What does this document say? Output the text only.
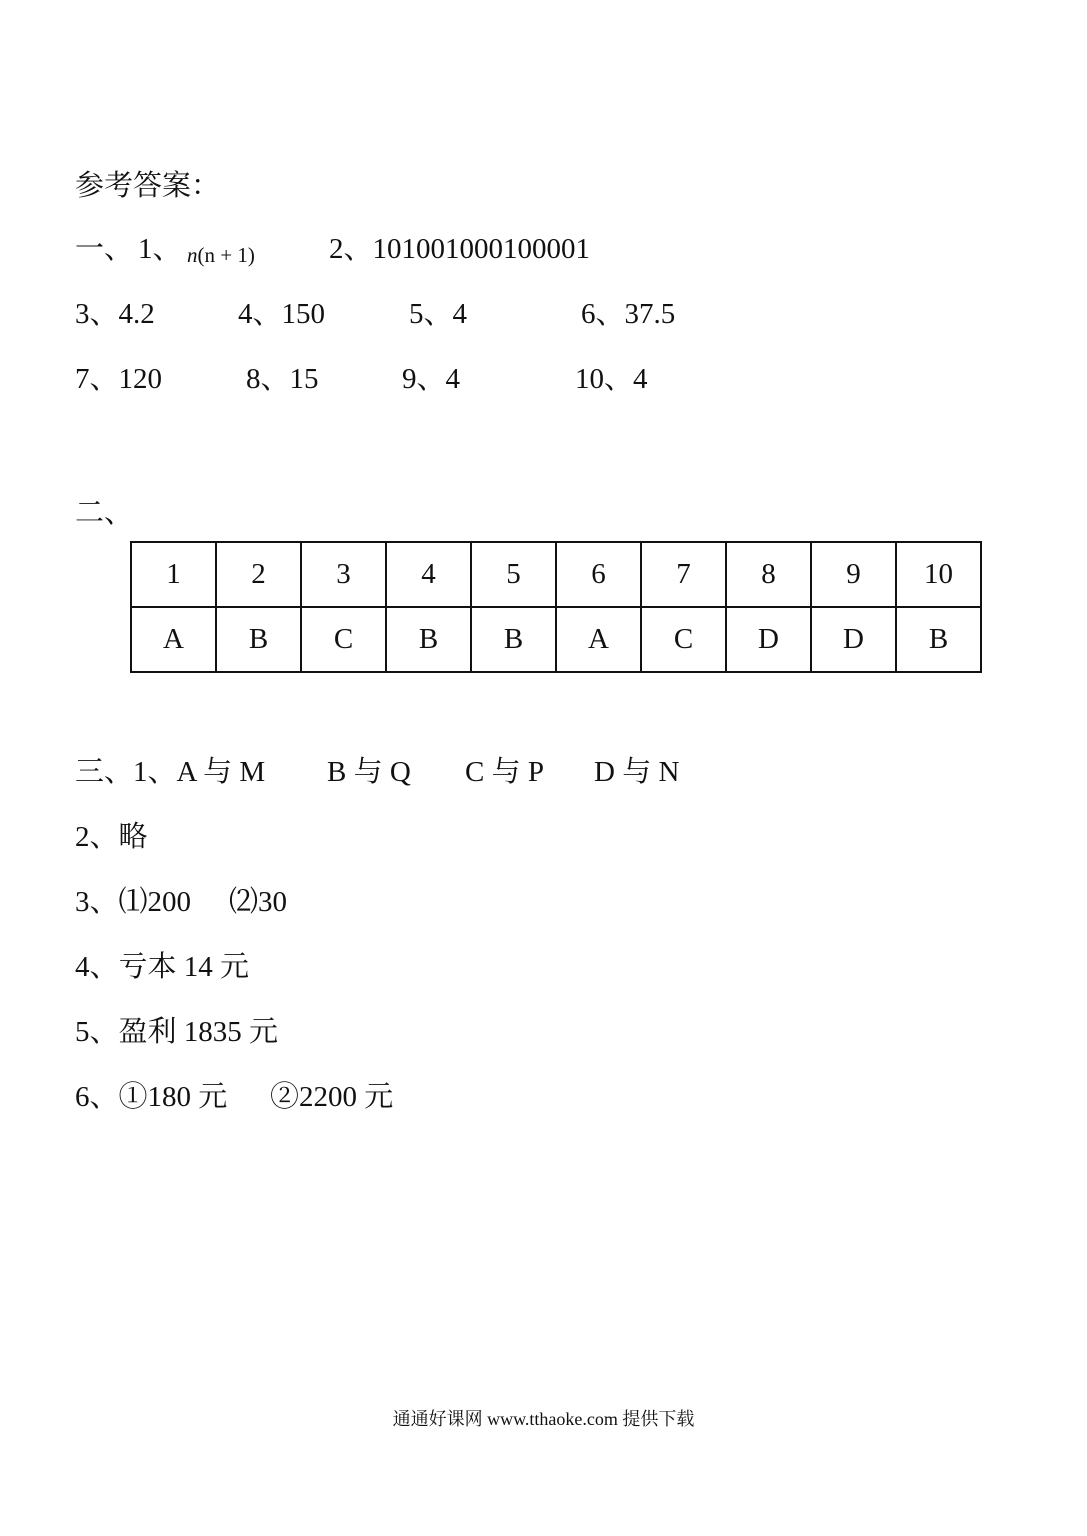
参考答案：
一、 1、 n(n + 1)	2、101001000100001
3、4.2	4、150	5、4	6、37.5
7、120	8、15	9、4	10、4
二、
1	2	3	4	5	6	7	8	9	10
A	B	C	B	B	A	C	D	D	B
三、1、A 与 M B 与 Q C 与 P D 与 N
2、略
3、⑴200 ⑵30
4、亏本 14 元
5、盈利 1835 元
6、①180 元 ②2200 元
通通好课网 www.tthaoke.com 提供下载
